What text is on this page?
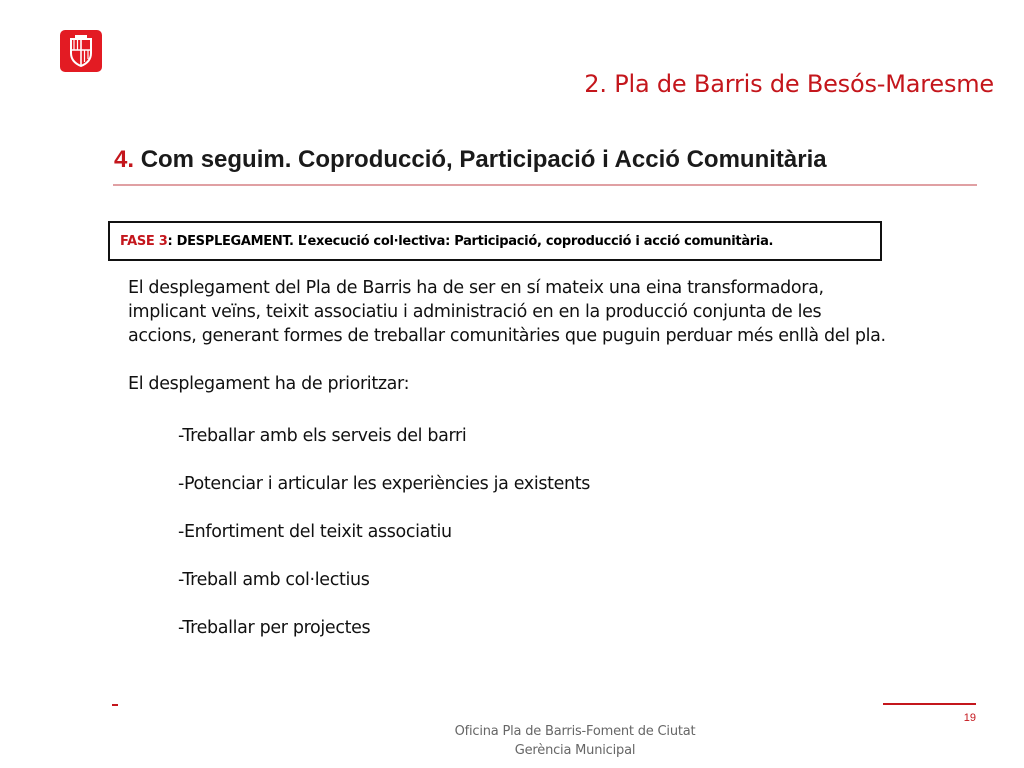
2. Pla de Barris de Besós-Maresme
4. Com seguim. Coproducció, Participació i Acció Comunitària
FASE 3: DESPLEGAMENT. L’execució col·lectiva: Participació, coproducció i acció comunitària.

El desplegament del Pla de Barris ha de ser en sí mateix una eina transformadora, implicant veïns, teixit associatiu i administració en en la producció conjunta de les accions, generant formes de treballar comunitàries que puguin perduar més enllà del pla.

El desplegament ha de prioritzar:

-Treballar amb els serveis del barri
-Potenciar i articular les experiències ja existents
-Enfortiment del teixit associatiu
-Treball amb col·lectius
-Treballar per projectes
19
Oficina Pla de Barris-Foment de Ciutat
Gerència Municipal
